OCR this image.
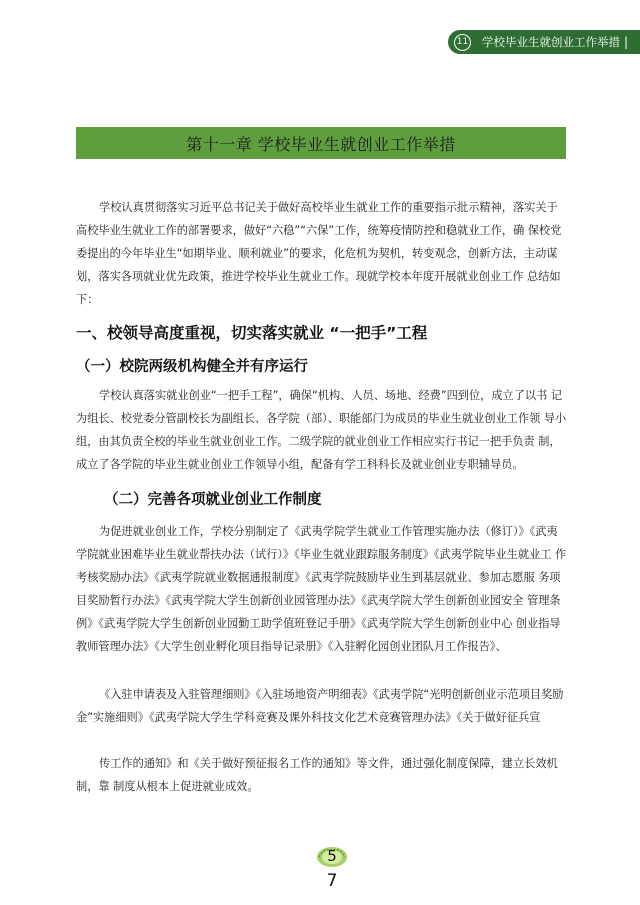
11 学校毕业生就创业工作举措 |
第十一章 学校毕业生就创业工作举措

学校认真贯彻落实习近平总书记关于做好高校毕业生就业工作的重要指示批示精神，落实关于高校毕业生就业工作的部署要求，做好“六稳”“六保”工作，统筹疫情防控和稳就业工作，确 保校党委提出的今年毕业生“如期毕业、顺利就业”的要求，化危机为契机，转变观念，创新方法，主动谋划，落实各项就业优先政策，推进学校毕业生就业工作。现就学校本年度开展就业创业工作 总结如下：

一、校领导高度重视，切实落实就业 “一把手”工程
（一）校院两级机构健全并有序运行

学校认真落实就业创业“一把手工程”，确保“机构、人员、场地、经费”四到位，成立了以书 记为组长、校党委分管副校长为副组长、各学院（部）、职能部门为成员的毕业生就业创业工作领 导小组，由其负责全校的毕业生就业创业工作。二级学院的就业创业工作相应实行书记一把手负责 制，成立了各学院的毕业生就业创业工作领导小组，配备有学工科科长及就业创业专职辅导员。

（二）完善各项就业创业工作制度

为促进就业创业工作，学校分别制定了《武夷学院学生就业工作管理实施办法（修订）》《武夷 学院就业困难毕业生就业帮扶办法（试行）》《毕业生就业跟踪服务制度》《武夷学院毕业生就业工 作考核奖励办法》《武夷学院就业数据通报制度》《武夷学院鼓励毕业生到基层就业、参加志愿服 务项目奖励暂行办法》《武夷学院大学生创新创业园管理办法》《武夷学院大学生创新创业园安全 管理条例》《武夷学院大学生创新创业园勤工助学值班登记手册》《武夷学院大学生创新创业中心 创业指导教师管理办法》《大学生创业孵化项目指导记录册》《入驻孵化园创业团队月工作报告》、

《入驻申请表及入驻管理细则》《入驻场地资产明细表》《武夷学院“光明创新创业示范项目奖励 金”实施细则》《武夷学院大学生学科竞赛及课外科技文化艺术竞赛管理办法》《关于做好征兵宣

传工作的通知》和《关于做好预征报名工作的通知》等文件，通过强化制度保障，建立长效机制，靠 制度从根本上促进就业成效。

5
7
